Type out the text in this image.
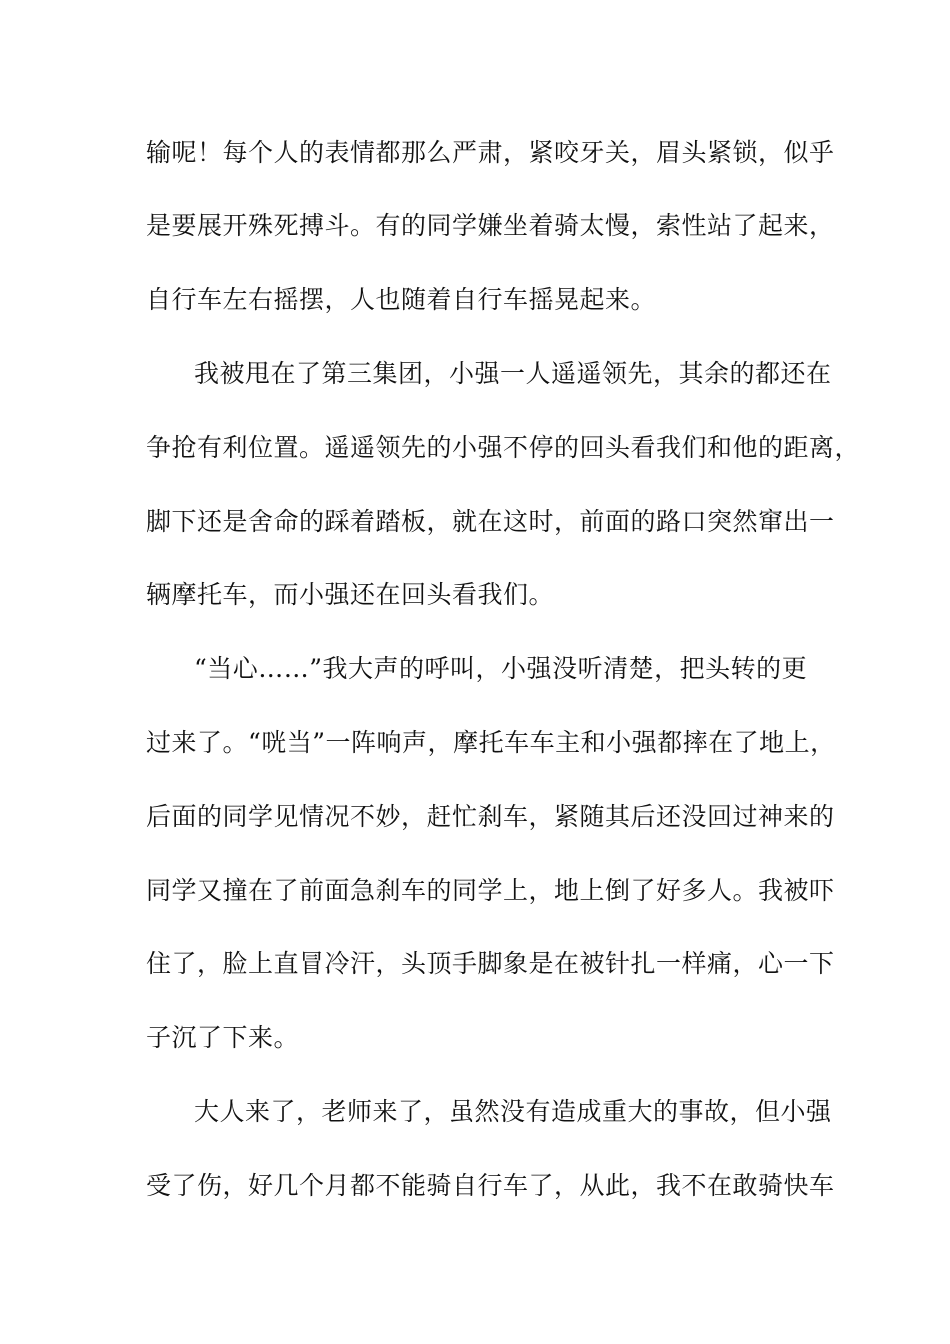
输呢！每个人的表情都那么严肃，紧咬牙关，眉头紧锁，似乎
是要展开殊死搏斗。有的同学嫌坐着骑太慢，索性站了起来，
自行车左右摇摆，人也随着自行车摇晃起来。
我被甩在了第三集团，小强一人遥遥领先，其余的都还在
争抢有利位置。遥遥领先的小强不停的回头看我们和他的距离，
脚下还是舍命的踩着踏板，就在这时，前面的路口突然窜出一
辆摩托车，而小强还在回头看我们。
“当心……”我大声的呼叫，小强没听清楚，把头转的更
过来了。“咣当”一阵响声，摩托车车主和小强都摔在了地上，
后面的同学见情况不妙，赶忙刹车，紧随其后还没回过神来的
同学又撞在了前面急刹车的同学上，地上倒了好多人。我被吓
住了，脸上直冒冷汗，头顶手脚象是在被针扎一样痛，心一下
子沉了下来。
大人来了，老师来了，虽然没有造成重大的事故，但小强
受了伤，好几个月都不能骑自行车了，从此，我不在敢骑快车
